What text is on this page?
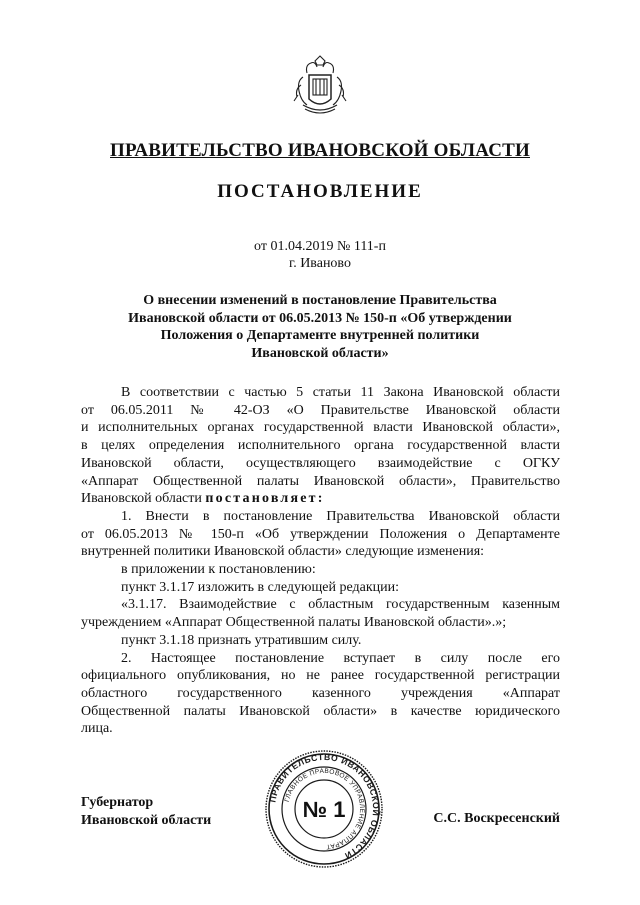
ПРАВИТЕЛЬСТВО ИВАНОВСКОЙ ОБЛАСТИ
ПОСТАНОВЛЕНИЕ
от 01.04.2019 № 111-п
г. Иваново
О внесении изменений в постановление Правительства
Ивановской области от 06.05.2013 № 150-п «Об утверждении
Положения о Департаменте внутренней политики
Ивановской области»
В соответствии с частью 5 статьи 11 Закона Ивановской области
от 06.05.2011 № 42-ОЗ «О Правительстве Ивановской области
и исполнительных органах государственной власти Ивановской области»,
в целях определения исполнительного органа государственной власти
Ивановской области, осуществляющего взаимодействие с ОГКУ
«Аппарат Общественной палаты Ивановской области», Правительство
Ивановской области постановляет:
1. Внести в постановление Правительства Ивановской области
от 06.05.2013 № 150-п «Об утверждении Положения о Департаменте
внутренней политики Ивановской области» следующие изменения:
в приложении к постановлению:
пункт 3.1.17 изложить в следующей редакции:
«3.1.17. Взаимодействие с областным государственным казенным
учреждением «Аппарат Общественной палаты Ивановской области».»;
пункт 3.1.18 признать утратившим силу.
2. Настоящее постановление вступает в силу после его
официального опубликования, но не ранее государственной регистрации
областного государственного казенного учреждения «Аппарат
Общественной палаты Ивановской области» в качестве юридического
лица.
Губернатор
Ивановской области	С.С. Воскресенский
ПРАВИТЕЛЬСТВО ИВАНОВСКОЙ ОБЛАСТИ
ГЛАВНОЕ ПРАВОВОЕ УПРАВЛЕНИЕ АППАРАТ
№ 1
